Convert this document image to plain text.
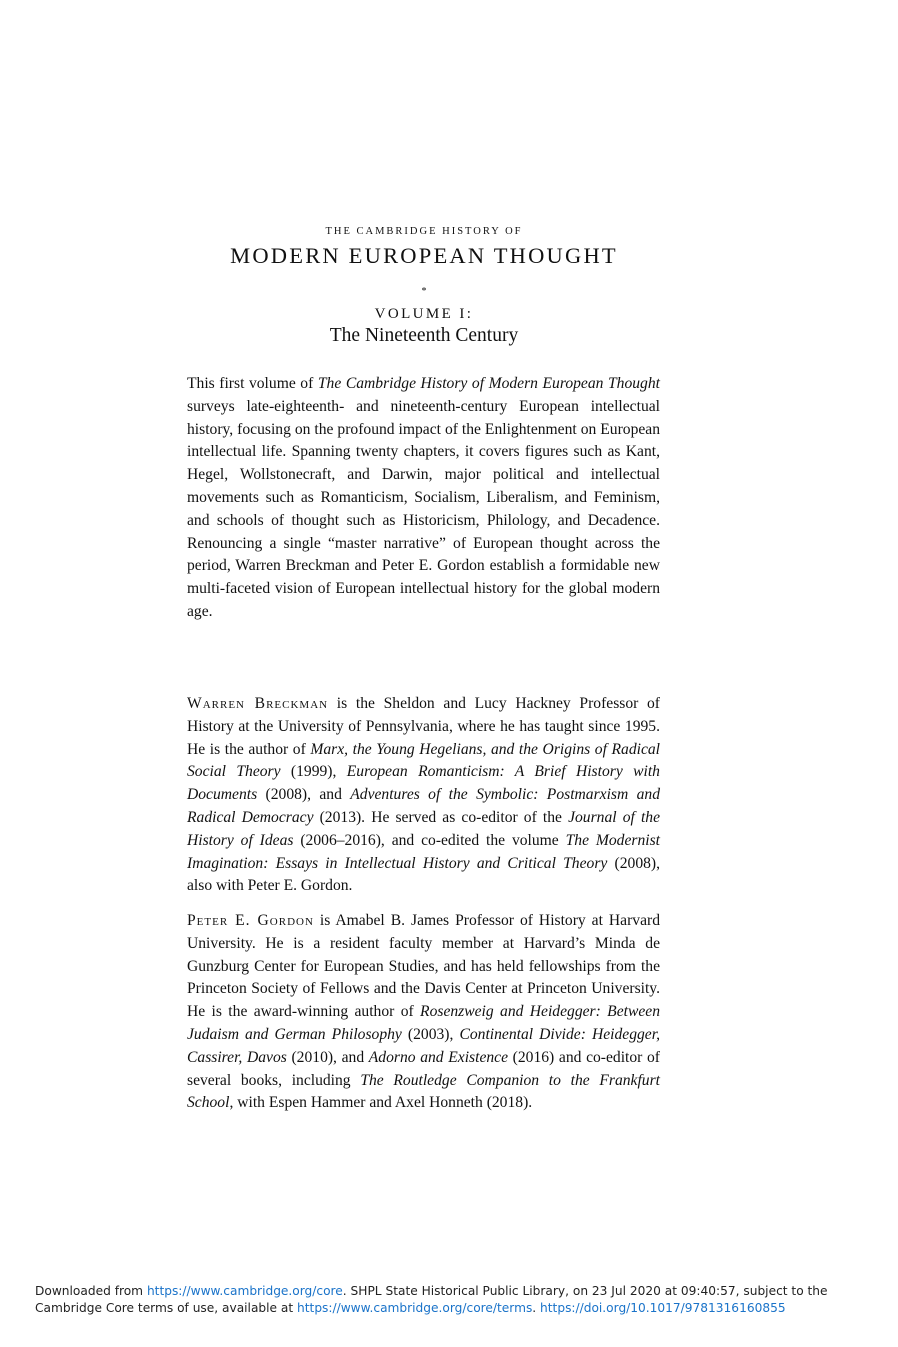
THE CAMBRIDGE HISTORY OF
MODERN EUROPEAN THOUGHT
*
VOLUME I:
The Nineteenth Century

This first volume of The Cambridge History of Modern European Thought surveys late-eighteenth- and nineteenth-century European intellectual history, focusing on the profound impact of the Enlightenment on European intellectual life. Spanning twenty chapters, it covers figures such as Kant, Hegel, Wollstonecraft, and Darwin, major political and intellectual movements such as Romanticism, Socialism, Liberalism, and Feminism, and schools of thought such as Historicism, Philology, and Decadence. Renouncing a single “master narrative” of European thought across the period, Warren Breckman and Peter E. Gordon establish a formidable new multi-faceted vision of European intellectual history for the global modern age.

Warren Breckman is the Sheldon and Lucy Hackney Professor of History at the University of Pennsylvania, where he has taught since 1995. He is the author of Marx, the Young Hegelians, and the Origins of Radical Social Theory (1999), European Romanticism: A Brief History with Documents (2008), and Adventures of the Symbolic: Postmarxism and Radical Democracy (2013). He served as co-editor of the Journal of the History of Ideas (2006–2016), and co-edited the volume The Modernist Imagination: Essays in Intellectual History and Critical Theory (2008), also with Peter E. Gordon.

Peter E. Gordon is Amabel B. James Professor of History at Harvard University. He is a resident faculty member at Harvard’s Minda de Gunzburg Center for European Studies, and has held fellowships from the Princeton Society of Fellows and the Davis Center at Princeton University. He is the award-winning author of Rosenzweig and Heidegger: Between Judaism and German Philosophy (2003), Continental Divide: Heidegger, Cassirer, Davos (2010), and Adorno and Existence (2016) and co-editor of several books, including The Routledge Companion to the Frankfurt School, with Espen Hammer and Axel Honneth (2018).

Downloaded from https://www.cambridge.org/core. SHPL State Historical Public Library, on 23 Jul 2020 at 09:40:57, subject to the Cambridge Core terms of use, available at https://www.cambridge.org/core/terms. https://doi.org/10.1017/9781316160855
